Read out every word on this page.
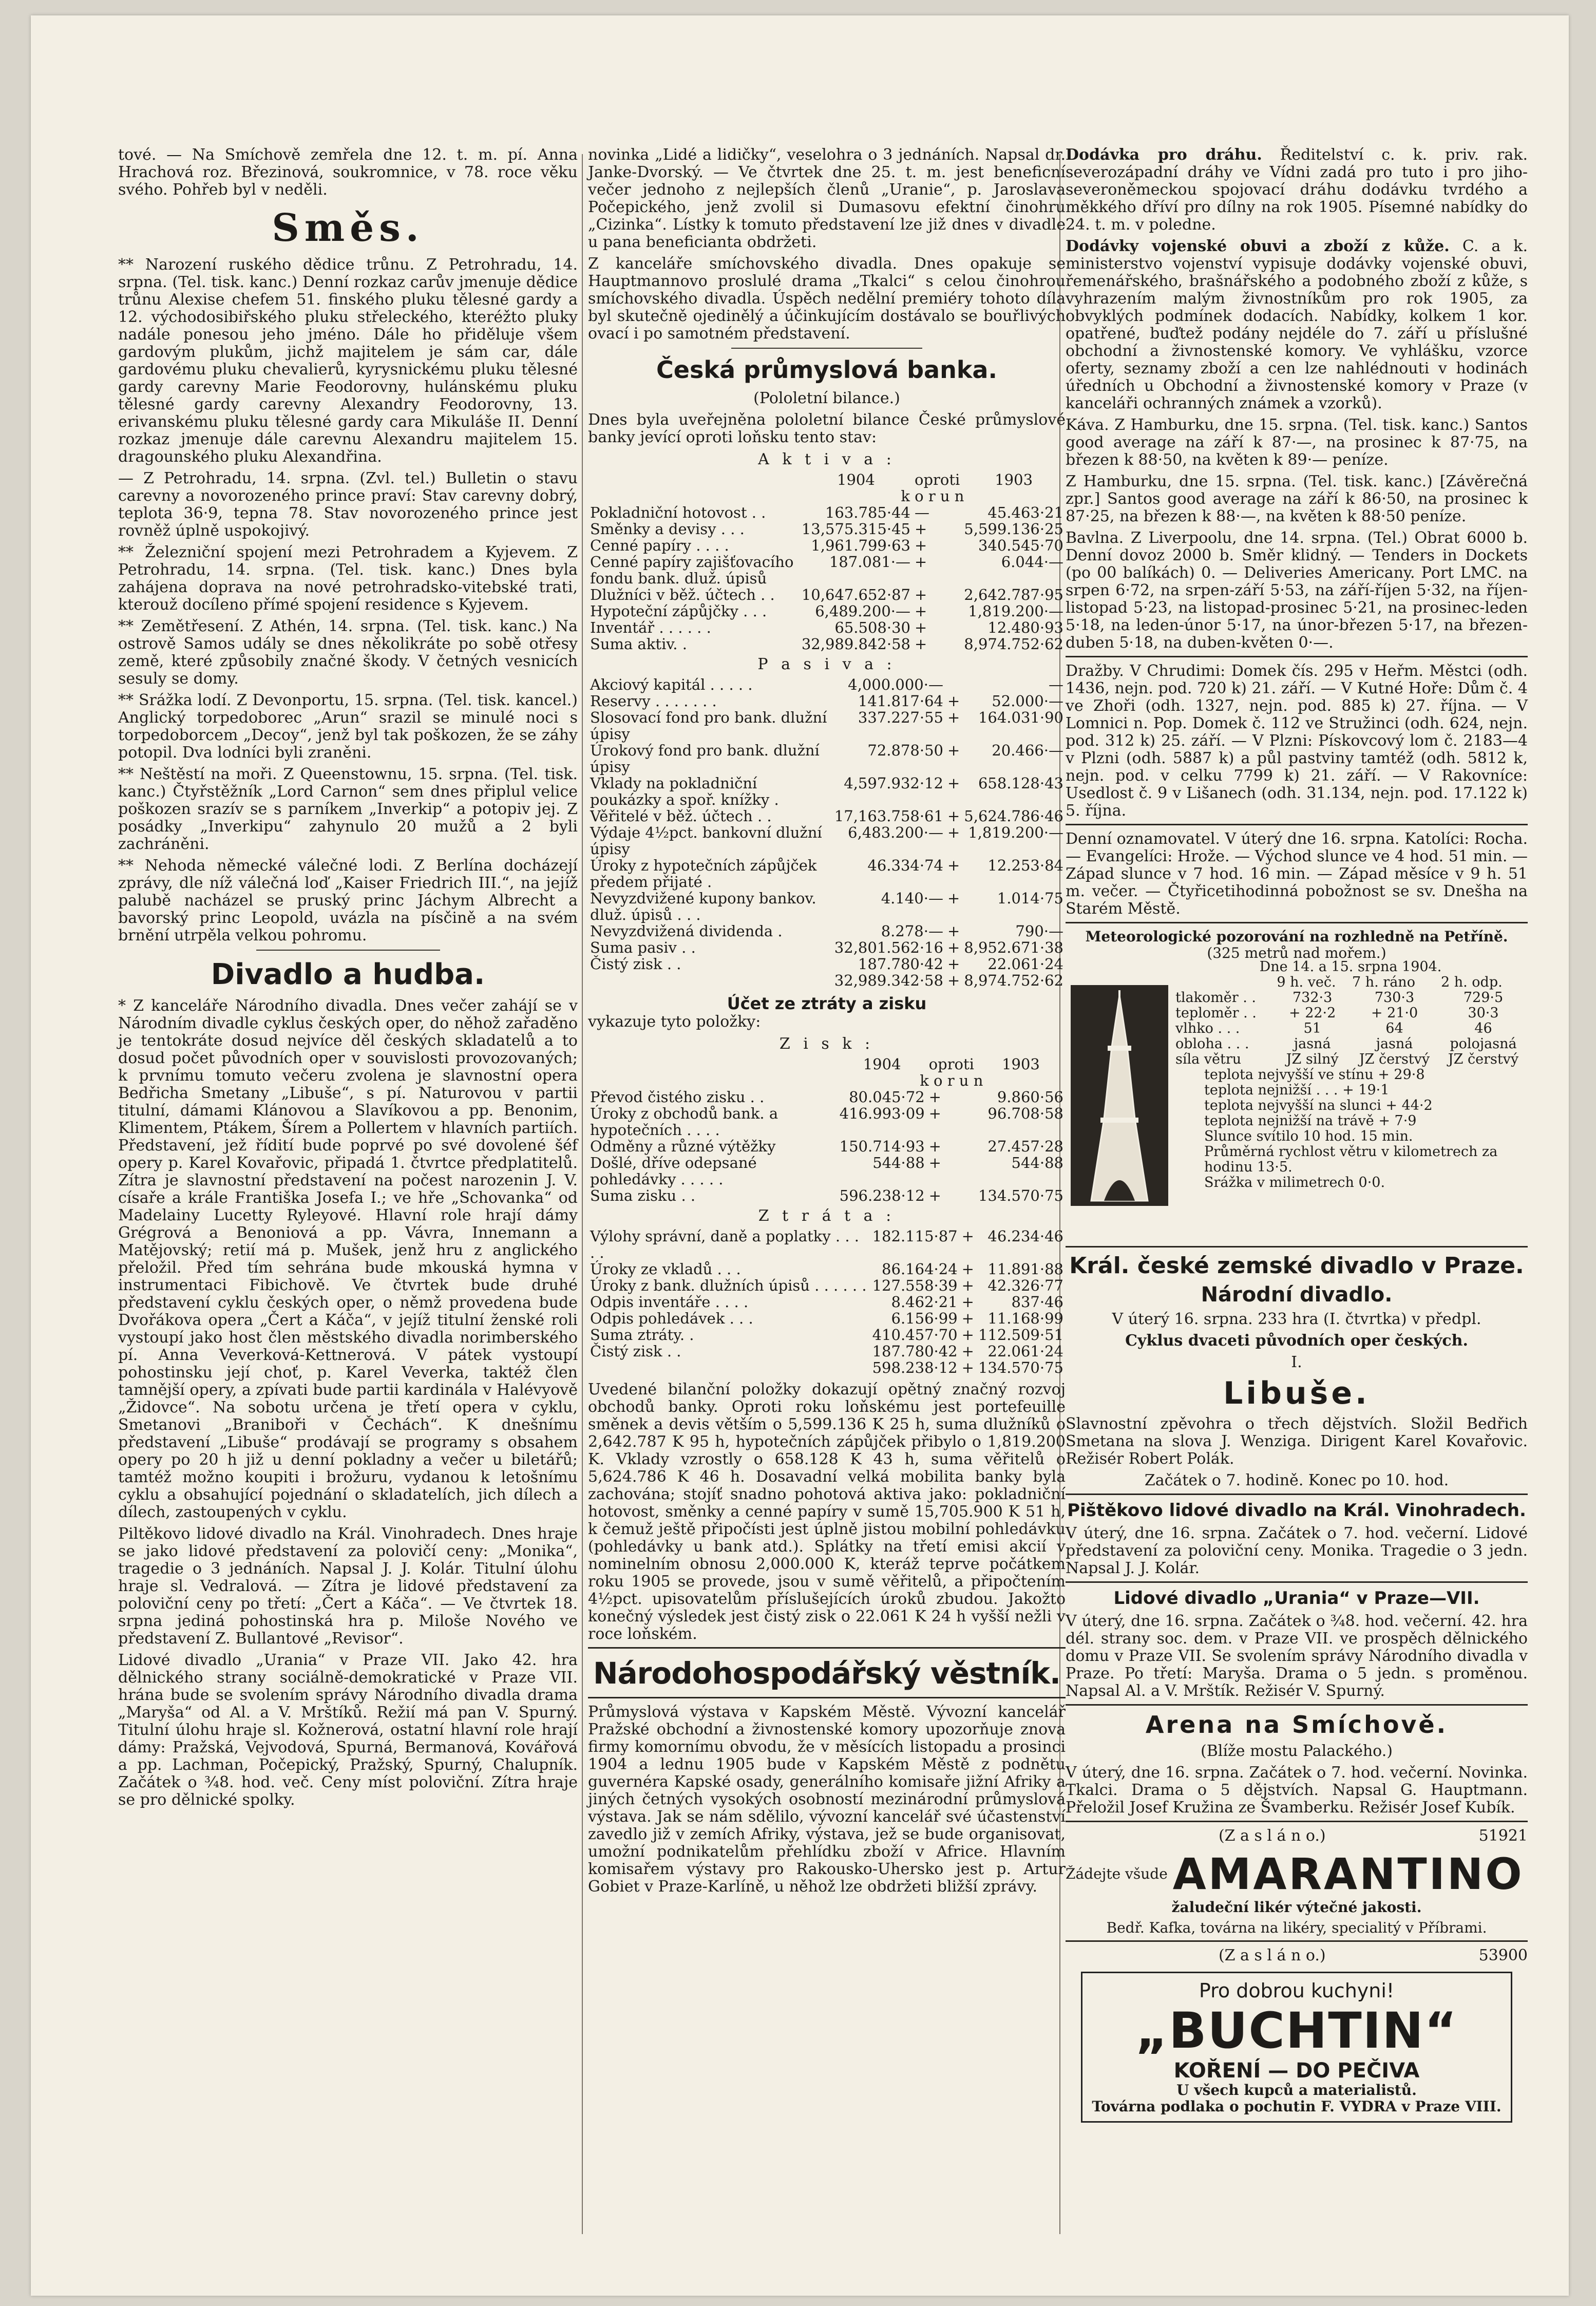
tové. — Na Smíchově zemřela dne 12. t. m. pí. Anna Hrachová roz. Březinová, soukromnice, v 78. roce věku svého. Pohřeb byl v neděli.

Směs.

** Narození ruského dědice trůnu. Z Petrohradu, 14. srpna. (Tel. tisk. kanc.) Denní rozkaz carův jmenuje dědice trůnu Alexise chefem 51. finského pluku tělesné gardy a 12. východosibiřského pluku střeleckého, kteréžto pluky nadále ponesou jeho jméno. Dále ho přiděluje všem gardovým plukům, jichž majitelem je sám car, dále gardovému pluku chevalierů, kyrysnickému pluku tělesné gardy carevny Marie Feodorovny, hulánskému pluku tělesné gardy carevny Alexandry Feodorovny, 13. erivanskému pluku tělesné gardy cara Mikuláše II. Denní rozkaz jmenuje dále carevnu Alexandru majitelem 15. dragounského pluku Alexandřina.

— Z Petrohradu, 14. srpna. (Zvl. tel.) Bulletin o stavu carevny a novorozeného prince praví: Stav carevny dobrý, teplota 36·9, tepna 78. Stav novorozeného prince jest rovněž úplně uspokojivý.

** Železniční spojení mezi Petrohradem a Kyjevem. Z Petrohradu, 14. srpna. (Tel. tisk. kanc.) Dnes byla zahájena doprava na nové petrohradsko-vitebské trati, kterouž docíleno přímé spojení residence s Kyjevem.

** Zemětřesení. Z Athén, 14. srpna. (Tel. tisk. kanc.) Na ostrově Samos udály se dnes několikráte po sobě otřesy země, které způsobily značné škody. V četných vesnicích sesuly se domy.

** Srážka lodí. Z Devonportu, 15. srpna. (Tel. tisk. kancel.) Anglický torpedoborec „Arun“ srazil se minulé noci s torpedoborcem „Decoy“, jenž byl tak poškozen, že se záhy potopil. Dva lodníci byli zraněni.

** Neštěstí na moři. Z Queenstownu, 15. srpna. (Tel. tisk. kanc.) Čtyřstěžník „Lord Carnon“ sem dnes připlul velice poškozen srazív se s parníkem „Inverkip“ a potopiv jej. Z posádky „Inverkipu“ zahynulo 20 mužů a 2 byli zachráněni.

** Nehoda německé válečné lodi. Z Berlína docházejí zprávy, dle níž válečná loď „Kaiser Friedrich III.“, na jejíž palubě nacházel se pruský princ Jáchym Albrecht a bavorský princ Leopold, uvázla na písčině a na svém brnění utrpěla velkou pohromu.

Divadlo a hudba.

* Z kanceláře Národního divadla. Dnes večer zahájí se v Národním divadle cyklus českých oper, do něhož zařaděno je tentokráte dosud nejvíce děl českých skladatelů a to dosud počet původních oper v souvislosti provozovaných; k prvnímu tomuto večeru zvolena je slavnostní opera Bedřicha Smetany „Libuše“, s pí. Naturovou v partii titulní, dámami Klánovou a Slavíkovou a pp. Benonim, Klimentem, Ptákem, Šírem a Pollertem v hlavních partiích. Představení, jež řídití bude poprvé po své dovolené šéf opery p. Karel Kovařovic, připadá 1. čtvrtce předplatitelů. Zítra je slavnostní představení na počest narozenin J. V. císaře a krále Františka Josefa I.; ve hře „Schovanka“ od Madelainy Lucetty Ryleyové. Hlavní role hrají dámy Grégrová a Benoniová a pp. Vávra, Innemann a Matějovský; retií má p. Mušek, jenž hru z anglického přeložil. Před tím sehrána bude mkouská hymna v instrumentaci Fibichově. Ve čtvrtek bude druhé představení cyklu českých oper, o němž provedena bude Dvořákova opera „Čert a Káča“, v jejíž titulní ženské roli vystoupí jako host člen městského divadla norimberského pí. Anna Veverková-Kettnerová. V pátek vystoupí pohostinsku její choť, p. Karel Veverka, taktéž člen tamnější opery, a zpívati bude partii kardinála v Halévyově „Židovce“. Na sobotu určena je třetí opera v cyklu, Smetanovi „Braniboři v Čechách“. K dnešnímu představení „Libuše“ prodávají se programy s obsahem opery po 20 h již u denní pokladny a večer u biletářů; tamtéž možno koupiti i brožuru, vydanou k letošnímu cyklu a obsahující pojednání o skladatelích, jich dílech a dílech, zastoupených v cyklu.

Piltěkovo lidové divadlo na Král. Vinohradech. Dnes hraje se jako lidové představení za polovičí ceny: „Monika“, tragedie o 3 jednáních. Napsal J. J. Kolár. Titulní úlohu hraje sl. Vedralová. — Zítra je lidové představení za poloviční ceny po třetí: „Čert a Káča“. — Ve čtvrtek 18. srpna jediná pohostinská hra p. Miloše Nového ve představení Z. Bullantové „Revisor“.

Lidové divadlo „Urania“ v Praze VII. Jako 42. hra dělnického strany sociálně-demokratické v Praze VII. hrána bude se svolením správy Národního divadla drama „Maryša“ od Al. a V. Mrštíků. Režií má pan V. Spurný. Titulní úlohu hraje sl. Kožnerová, ostatní hlavní role hrají dámy: Pražská, Vejvodová, Spurná, Bermanová, Kovářová a pp. Lachman, Počepický, Pražský, Spurný, Chalupník. Začátek o ¾8. hod. več. Ceny míst poloviční. Zítra hraje se pro dělnické spolky.

novinka „Lidé a lidičky“, veselohra o 3 jednáních. Napsal dr. Janke-Dvorský. — Ve čtvrtek dne 25. t. m. jest beneficní večer jednoho z nejlepších členů „Uranie“, p. Jaroslava Počepického, jenž zvolil si Dumasovu efektní činohru „Cizinka“. Lístky k tomuto představení lze již dnes v divadle u pana beneficianta obdržeti.

Z kanceláře smíchovského divadla. Dnes opakuje se Hauptmannovo proslulé drama „Tkalci“ s celou činohrou smíchovského divadla. Úspěch nedělní premiéry tohoto díla byl skutečně ojedinělý a účinkujícím dostávalo se bouřlivých ovací i po samotném představení.

Česká průmyslová banka.

(Pololetní bilance.)

Dnes byla uveřejněna pololetní bilance České průmyslové banky jevící oproti loňsku tento stav:

A k t i v a :
	1904	oproti	1903
	k o r u n		
Pokladniční hotovost . .	163.785·44	—	45.463·21
Směnky a devisy . . .	13,575.315·45	+	5,599.136·25
Cenné papíry . . . .	1,961.799·63	+	340.545·70
Cenné papíry zajišťovacího fondu bank. dluž. úpisů	187.081·—	+	6.044·—
Dlužníci v běž. účtech . .	10,647.652·87	+	2,642.787·95
Hypoteční zápůjčky . . .	6,489.200·—	+	1,819.200·—
Inventář . . . . . .	65.508·30	+	12.480·93
Suma aktiv. .	32,989.842·58	+	8,974.752·62
P a s i v a :
Akciový kapitál . . . . .	4,000.000·—		—
Reservy . . . . . . .	141.817·64	+	52.000·—
Slosovací fond pro bank. dlužní úpisy	337.227·55	+	164.031·90
Úrokový fond pro bank. dlužní úpisy	72.878·50	+	20.466·—
Vklady na pokladniční poukázky a spoř. knížky .	4,597.932·12	+	658.128·43
Věřitelé v běž. účtech . .	17,163.758·61	+	5,624.786·46
Výdaje 4½pct. bankovní dlužní úpisy	6,483.200·—	+	1,819.200·—
Úroky z hypotečních zápůjček předem přijaté .	46.334·74	+	12.253·84
Nevyzdvižené kupony bankov. dluž. úpisů . . .	4.140·—	+	1.014·75
Nevyzdvižená dividenda .	8.278·—	+	790·—
Suma pasiv . .	32,801.562·16	+	8,952.671·38
Čistý zisk . .	187.780·42	+	22.061·24
	32,989.342·58	+	8,974.752·62
Účet ze ztráty a zisku

vykazuje tyto položky:

Z i s k :
	1904	oproti	1903
	k o r u n		
Převod čistého zisku . .	80.045·72	+	9.860·56
Úroky z obchodů bank. a hypotečních . . . .	416.993·09	+	96.708·58
Odměny a různé výtěžky	150.714·93	+	27.457·28
Došlé, dříve odepsané pohledávky . . . . .	544·88	+	544·88
Suma zisku . .	596.238·12	+	134.570·75
Z t r á t a :
Výlohy správní, daně a poplatky . . . . .	182.115·87	+	46.234·46
Úroky ze vkladů . . .	86.164·24	+	11.891·88
Úroky z bank. dlužních úpisů . . . . . .	127.558·39	+	42.326·77
Odpis inventáře . . . .	8.462·21	+	837·46
Odpis pohledávek . . .	6.156·99	+	11.168·99
Suma ztráty. .	410.457·70	+	112.509·51
Čistý zisk . .	187.780·42	+	22.061·24
	598.238·12	+	134.570·75

Uvedené bilanční položky dokazují opětný značný rozvoj obchodů banky. Oproti roku loňskému jest portefeuille směnek a devis větším o 5,599.136 K 25 h, suma dlužníků o 2,642.787 K 95 h, hypotečních zápůjček přibylo o 1,819.200 K. Vklady vzrostly o 658.128 K 43 h, suma věřitelů o 5,624.786 K 46 h. Dosavadní velká mobilita banky byla zachována; stojíť snadno pohotová aktiva jako: pokladniční hotovost, směnky a cenné papíry v sumě 15,705.900 K 51 h, k čemuž ještě připočísti jest úplně jistou mobilní pohledávku (pohledávky u bank atd.). Splátky na třetí emisi akcií v nominelním obnosu 2,000.000 K, kteráž teprve počátkem roku 1905 se provede, jsou v sumě věřitelů, a připočtením 4½pct. upisovatelům příslušejících úroků zbudou. Jakožto konečný výsledek jest čistý zisk o 22.061 K 24 h vyšší nežli v roce loňském.

Národohospodářský věstník.

Průmyslová výstava v Kapském Městě. Vývozní kancelář Pražské obchodní a živnostenské komory upozorňuje znova firmy komornímu obvodu, že v měsících listopadu a prosinci 1904 a lednu 1905 bude v Kapském Městě z podnětu guvernéra Kapské osady, generálního komisaře jižní Afriky a jiných četných vysokých osobností mezinárodní průmyslová výstava. Jak se nám sdělilo, vývozní kancelář své účastenství zavedlo již v zemích Afriky, výstava, jež se bude organisovat, umožní podnikatelům přehlídku zboží v Africe. Hlavním komisařem výstavy pro Rakousko-Uhersko jest p. Artur Gobiet v Praze-Karlíně, u něhož lze obdržeti bližší zprávy.

Dodávka pro dráhu. Ředitelství c. k. priv. rak. severozápadní dráhy ve Vídni zadá pro tuto i pro jiho-severoněmeckou spojovací dráhu dodávku tvrdého a měkkého dříví pro dílny na rok 1905. Písemné nabídky do 24. t. m. v poledne.

Dodávky vojenské obuvi a zboží z kůže. C. a k. ministerstvo vojenství vypisuje dodávky vojenské obuvi, řemenářského, brašnářského a podobného zboží z kůže, s vyhrazením malým živnostníkům pro rok 1905, za obvyklých podmínek dodacích. Nabídky, kolkem 1 kor. opatřené, buďtež podány nejdéle do 7. září u příslušné obchodní a živnostenské komory. Ve vyhlášku, vzorce oferty, seznamy zboží a cen lze nahlédnouti v hodinách úředních u Obchodní a živnostenské komory v Praze (v kanceláři ochranných známek a vzorků).

Káva. Z Hamburku, dne 15. srpna. (Tel. tisk. kanc.) Santos good average na září k 87·—, na prosinec k 87·75, na březen k 88·50, na květen k 89·— peníze.

Z Hamburku, dne 15. srpna. (Tel. tisk. kanc.) [Závěrečná zpr.] Santos good average na září k 86·50, na prosinec k 87·25, na březen k 88·—, na květen k 88·50 peníze.

Bavlna. Z Liverpoolu, dne 14. srpna. (Tel.) Obrat 6000 b. Denní dovoz 2000 b. Směr klidný. — Tenders in Dockets (po 00 balíkách) 0. — Deliveries Americany. Port LMC. na srpen 6·72, na srpen-září 5·53, na září-říjen 5·32, na říjen-listopad 5·23, na listopad-prosinec 5·21, na prosinec-leden 5·18, na leden-únor 5·17, na únor-březen 5·17, na březen-duben 5·18, na duben-květen 0·—.

Dražby. V Chrudimi: Domek čís. 295 v Heřm. Městci (odh. 1436, nejn. pod. 720 k) 21. září. — V Kutné Hoře: Dům č. 4 ve Zhoři (odh. 1327, nejn. pod. 885 k) 27. října. — V Lomnici n. Pop. Domek č. 112 ve Stružinci (odh. 624, nejn. pod. 312 k) 25. září. — V Plzni: Pískovcový lom č. 2183—4 v Plzni (odh. 5887 k) a půl pastviny tamtéž (odh. 5812 k, nejn. pod. v celku 7799 k) 21. září. — V Rakovníce: Usedlost č. 9 v Lišanech (odh. 31.134, nejn. pod. 17.122 k) 5. října.

Denní oznamovatel. V úterý dne 16. srpna. Katolíci: Rocha. — Evangelíci: Hrože. — Východ slunce ve 4 hod. 51 min. — Západ slunce v 7 hod. 16 min. — Západ měsíce v 9 h. 51 m. večer. — Čtyřicetihodinná pobožnost se sv. Dnešha na Starém Městě.

Meteorologické pozorování na rozhledně na Petříně.
(325 metrů nad mořem.)
Dne 14. a 15. srpna 1904.
	9 h. več.	7 h. ráno	2 h. odp.
tlakoměr . .	732·3	730·3	729·5
teploměr . .	+ 22·2	+ 21·0	30·3
vlhko . . .	51	64	46
obloha . . .	jasná	jasná	polojasná
síla větru	JZ silný	JZ čerstvý	JZ čerstvý
teplota nejvyšší ve stínu + 29·8
teplota nejnižší . . . + 19·1
teplota nejvyšší na slunci + 44·2
teplota nejnižší na trávě + 7·9
Slunce svítilo 10 hod. 15 min.
Průměrná rychlost větru v kilometrech za hodinu 13·5.
Srážka v milimetrech 0·0.
Král. české zemské divadlo v Praze.
Národní divadlo.

V úterý 16. srpna. 233 hra (I. čtvrtka) v předpl.

Cyklus dvaceti původních oper českých.

I.

Libuše.

Slavnostní zpěvohra o třech dějstvích. Složil Bedřich Smetana na slova J. Wenziga. Dirigent Karel Kovařovic. Režisér Robert Polák.

Začátek o 7. hodině. Konec po 10. hod.

Pištěkovo lidové divadlo na Král. Vinohradech.

V úterý, dne 16. srpna. Začátek o 7. hod. večerní. Lidové představení za poloviční ceny. Monika. Tragedie o 3 jedn. Napsal J. J. Kolár.

Lidové divadlo „Urania“ v Praze—VII.

V úterý, dne 16. srpna. Začátek o ¾8. hod. večerní. 42. hra dél. strany soc. dem. v Praze VII. ve prospěch dělnického domu v Praze VII. Se svolením správy Národního divadla v Praze. Po třetí: Maryša. Drama o 5 jedn. s proměnou. Napsal Al. a V. Mrštík. Režisér V. Spurný.

Arena na Smíchově.

(Blíže mostu Palackého.)

V úterý, dne 16. srpna. Začátek o 7. hod. večerní. Novinka. Tkalci. Drama o 5 dějstvích. Napsal G. Hauptmann. Přeložil Josef Kružina ze Švamberku. Režisér Josef Kubík.

(Z a s l á n o.)	51921

Žádejte všude AMARANTINO

žaludeční likér výtečné jakosti.

Bedř. Kafka, továrna na likéry, specialitý v Příbrami.

(Z a s l á n o.)	53900

Pro dobrou kuchyni!
„BUCHTIN“ KOŘENÍ — DO PEČIVA
U všech kupců a materialistů.
Továrna podlaka o pochutin F. VYDRA v Praze VIII.
